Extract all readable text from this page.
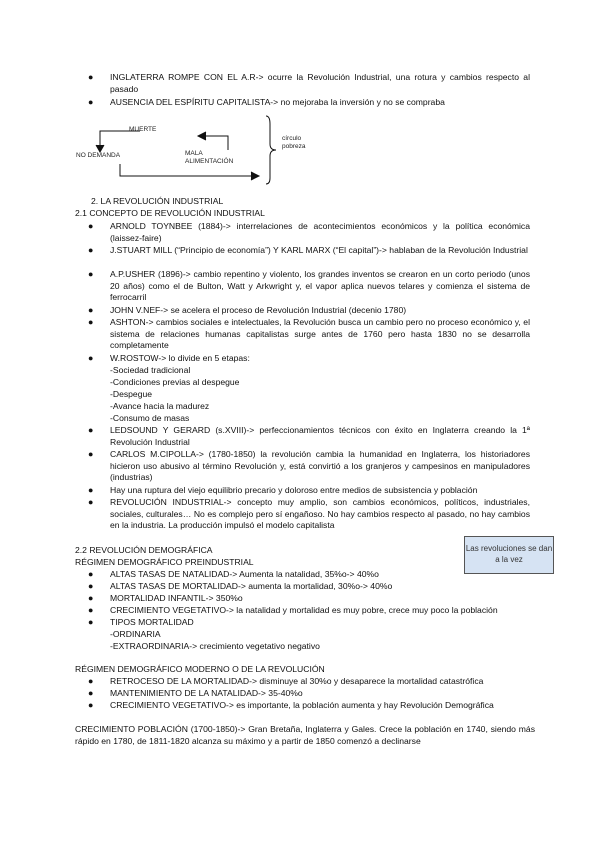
● INGLATERRA ROMPE CON EL A.R-> ocurre la Revolución Industrial, una rotura y cambios respecto al pasado
● AUSENCIA DEL ESPÍRITU CAPITALISTA-> no mejoraba la inversión y no se compraba
MUERTE
NO DEMANDA	MALA
ALIMENTACIÓN
círculo
pobreza
2. LA REVOLUCIÓN INDUSTRIAL
2.1 CONCEPTO DE REVOLUCIÓN INDUSTRIAL
● ARNOLD TOYNBEE (1884)-> interrelaciones de acontecimientos económicos y la política económica (laissez-faire)
● J.STUART MILL (“Principio de economía”) Y KARL MARX (“El capital”)-> hablaban de la Revolución Industrial
● A.P.USHER (1896)-> cambio repentino y violento, los grandes inventos se crearon en un corto periodo (unos 20 años) como el de Bulton, Watt y Arkwright y, el vapor aplica nuevos telares y comienza el sistema de ferrocarril
● JOHN V.NEF-> se acelera el proceso de Revolución Industrial (decenio 1780)
● ASHTON-> cambios sociales e intelectuales, la Revolución busca un cambio pero no proceso económico y, el sistema de relaciones humanas capitalistas surge antes de 1760 pero hasta 1830 no se desarrolla completamente
● W.ROSTOW-> lo divide en 5 etapas:
-Sociedad tradicional
-Condiciones previas al despegue
-Despegue
-Avance hacia la madurez
-Consumo de masas
● LEDSOUND Y GERARD (s.XVIII)-> perfeccionamientos técnicos con éxito en Inglaterra creando la 1ª Revolución Industrial
● CARLOS M.CIPOLLA-> (1780-1850) la revolución cambia la humanidad en Inglaterra, los historiadores hicieron uso abusivo al término Revolución y, está convirtió a los granjeros y campesinos en manipuladores (industrias)
● Hay una ruptura del viejo equilibrio precario y doloroso entre medios de subsistencia y población
● REVOLUCIÓN INDUSTRIAL-> concepto muy amplio, son cambios económicos, políticos, industriales, sociales, culturales… No es complejo pero sí engañoso. No hay cambios respecto al pasado, no hay cambios en la industria. La producción impulsó el modelo capitalista
2.2 REVOLUCIÓN DEMOGRÁFICA	Las revoluciones se dan a la vez
RÉGIMEN DEMOGRÁFICO PREINDUSTRIAL
● ALTAS TASAS DE NATALIDAD-> Aumenta la natalidad, 35%o-> 40%o
● ALTAS TASAS DE MORTALIDAD-> aumenta la mortalidad, 30%o-> 40%o
● MORTALIDAD INFANTIL-> 350%o
● CRECIMIENTO VEGETATIVO-> la natalidad y mortalidad es muy pobre, crece muy poco la población
● TIPOS MORTALIDAD
-ORDINARIA
-EXTRAORDINARIA-> crecimiento vegetativo negativo
RÉGIMEN DEMOGRÁFICO MODERNO O DE LA REVOLUCIÓN
● RETROCESO DE LA MORTALIDAD-> disminuye al 30%o y desaparece la mortalidad catastrófica
● MANTENIMIENTO DE LA NATALIDAD-> 35-40%o
● CRECIMIENTO VEGETATIVO-> es importante, la población aumenta y hay Revolución Demográfica
CRECIMIENTO POBLACIÓN (1700-1850)-> Gran Bretaña, Inglaterra y Gales. Crece la población en 1740, siendo más rápido en 1780, de 1811-1820 alcanza su máximo y a partir de 1850 comenzó a declinarse
